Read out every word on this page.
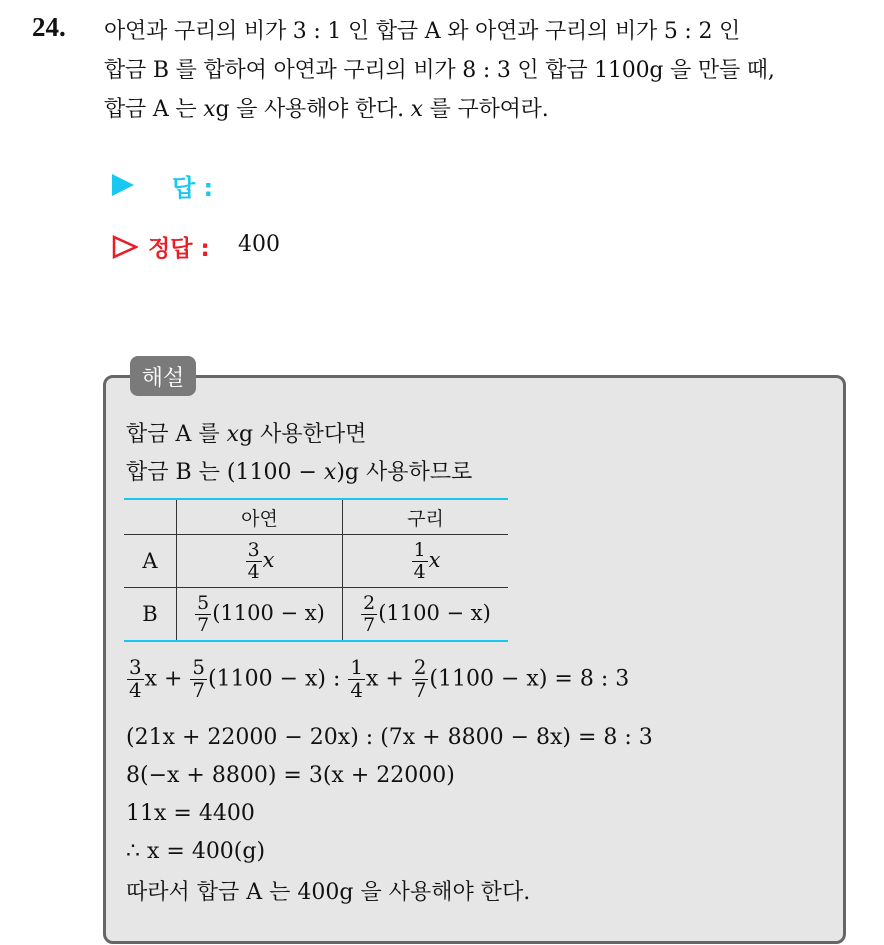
24. 아연과 구리의 비가 3 : 1 인 합금 A 와 아연과 구리의 비가 5 : 2 인
합금 B 를 합하여 아연과 구리의 비가 8 : 3 인 합금 1100g 을 만들 때,
합금 A 는 xg 을 사용해야 한다. x 를 구하여라.
답 :
정답 : 400
해설
합금 A 를 xg 사용한다면
합금 B 는 (1100 − x)g 사용하므로
	아연	구리
A	$\frac{3}{4}$ x	$\frac{1}{4}$ x
B	$\frac{5}{7} (1100 - x)$	$\frac{2}{7} (1100 - x)$
$\frac{3}{4}$ $x + \frac{5}{7} (1100 - x)$ : $\frac{1}{4}$ $x + \frac{2}{7} (1100 - x) = 8$ : 3
(21x + 22000 − 20x) : (7x + 8800 − 8x) = 8 : 3
8(−x + 8800) = 3(x + 22000)
11x = 4400
∴ x = 400(g)
따라서 합금 A 는 400g 을 사용해야 한다.
